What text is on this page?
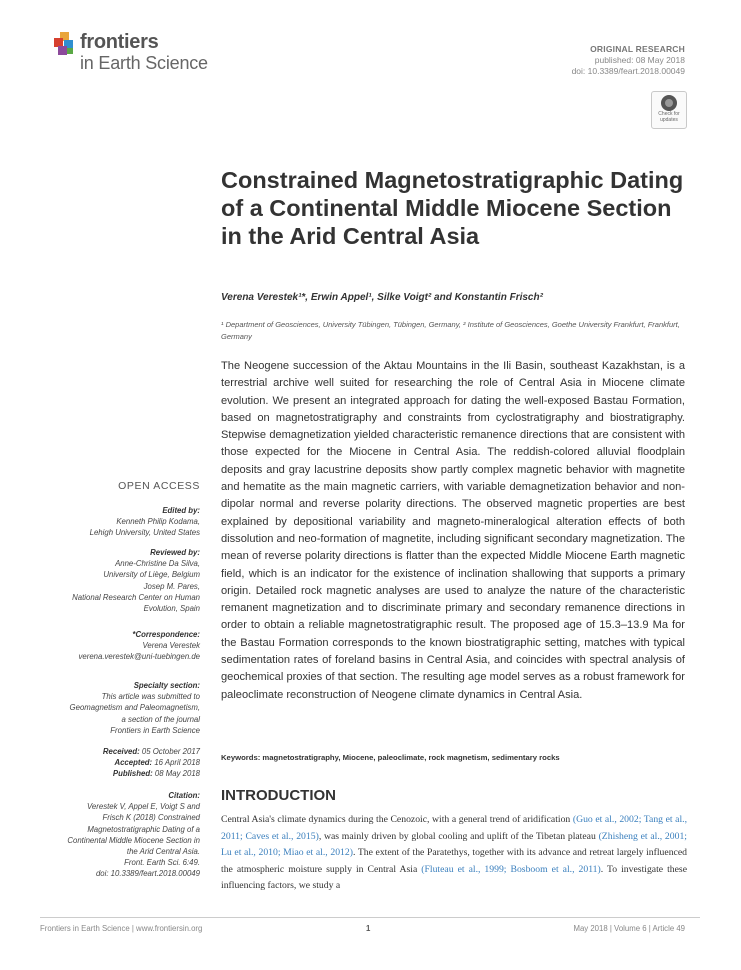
frontiers
in Earth Science
ORIGINAL RESEARCH
published: 08 May 2018
doi: 10.3389/feart.2018.00049
Check for updates
Constrained Magnetostratigraphic Dating of a Continental Middle Miocene Section in the Arid Central Asia
Verena Verestek¹*, Erwin Appel¹, Silke Voigt² and Konstantin Frisch²
¹ Department of Geosciences, University Tübingen, Tübingen, Germany, ² Institute of Geosciences, Goethe University Frankfurt, Frankfurt, Germany
The Neogene succession of the Aktau Mountains in the Ili Basin, southeast Kazakhstan, is a terrestrial archive well suited for researching the role of Central Asia in Miocene climate evolution. We present an integrated approach for dating the well-exposed Bastau Formation, based on magnetostratigraphy and constraints from cyclostratigraphy and biostratigraphy. Stepwise demagnetization yielded characteristic remanence directions that are consistent with those expected for the Miocene in Central Asia. The reddish-colored alluvial floodplain deposits and gray lacustrine deposits show partly complex magnetic behavior with magnetite and hematite as the main magnetic carriers, with variable demagnetization behavior and non-dipolar normal and reverse polarity directions. The observed magnetic properties are best explained by depositional variability and magneto-mineralogical alteration effects of both dissolution and neo-formation of magnetite, including significant secondary magnetization. The mean of reverse polarity directions is flatter than the expected Middle Miocene Earth magnetic field, which is an indicator for the existence of inclination shallowing that supports a primary origin. Detailed rock magnetic analyses are used to analyze the nature of the characteristic remanent magnetization and to discriminate primary and secondary remanence directions in order to obtain a reliable magnetostratigraphic result. The proposed age of 15.3–13.9 Ma for the Bastau Formation corresponds to the known biostratigraphic setting, matches with typical sedimentation rates of foreland basins in Central Asia, and coincides with spectral analysis of geochemical proxies of that section. The resulting age model serves as a robust framework for paleoclimate reconstruction of Neogene climate dynamics in Central Asia.
Keywords: magnetostratigraphy, Miocene, paleoclimate, rock magnetism, sedimentary rocks
INTRODUCTION
Central Asia's climate dynamics during the Cenozoic, with a general trend of aridification (Guo et al., 2002; Tang et al., 2011; Caves et al., 2015), was mainly driven by global cooling and uplift of the Tibetan plateau (Zhisheng et al., 2001; Lu et al., 2010; Miao et al., 2012). The extent of the Paratethys, together with its advance and retreat largely influenced the atmospheric moisture supply in Central Asia (Fluteau et al., 1999; Bosboom et al., 2011). To investigate these influencing factors, we study a
OPEN ACCESS
Edited by:
Kenneth Philip Kodama,
Lehigh University, United States
Reviewed by:
Anne-Christine Da Silva,
University of Liège, Belgium
Josep M. Pares,
National Research Center on Human
Evolution, Spain
*Correspondence:
Verena Verestek
verena.verestek@uni-tuebingen.de
Specialty section:
This article was submitted to
Geomagnetism and Paleomagnetism,
a section of the journal
Frontiers in Earth Science
Received: 05 October 2017
Accepted: 16 April 2018
Published: 08 May 2018
Citation:
Verestek V, Appel E, Voigt S and
Frisch K (2018) Constrained
Magnetostratigraphic Dating of a
Continental Middle Miocene Section in
the Arid Central Asia.
Front. Earth Sci. 6:49.
doi: 10.3389/feart.2018.00049
Frontiers in Earth Science | www.frontiersin.org	1	May 2018 | Volume 6 | Article 49
